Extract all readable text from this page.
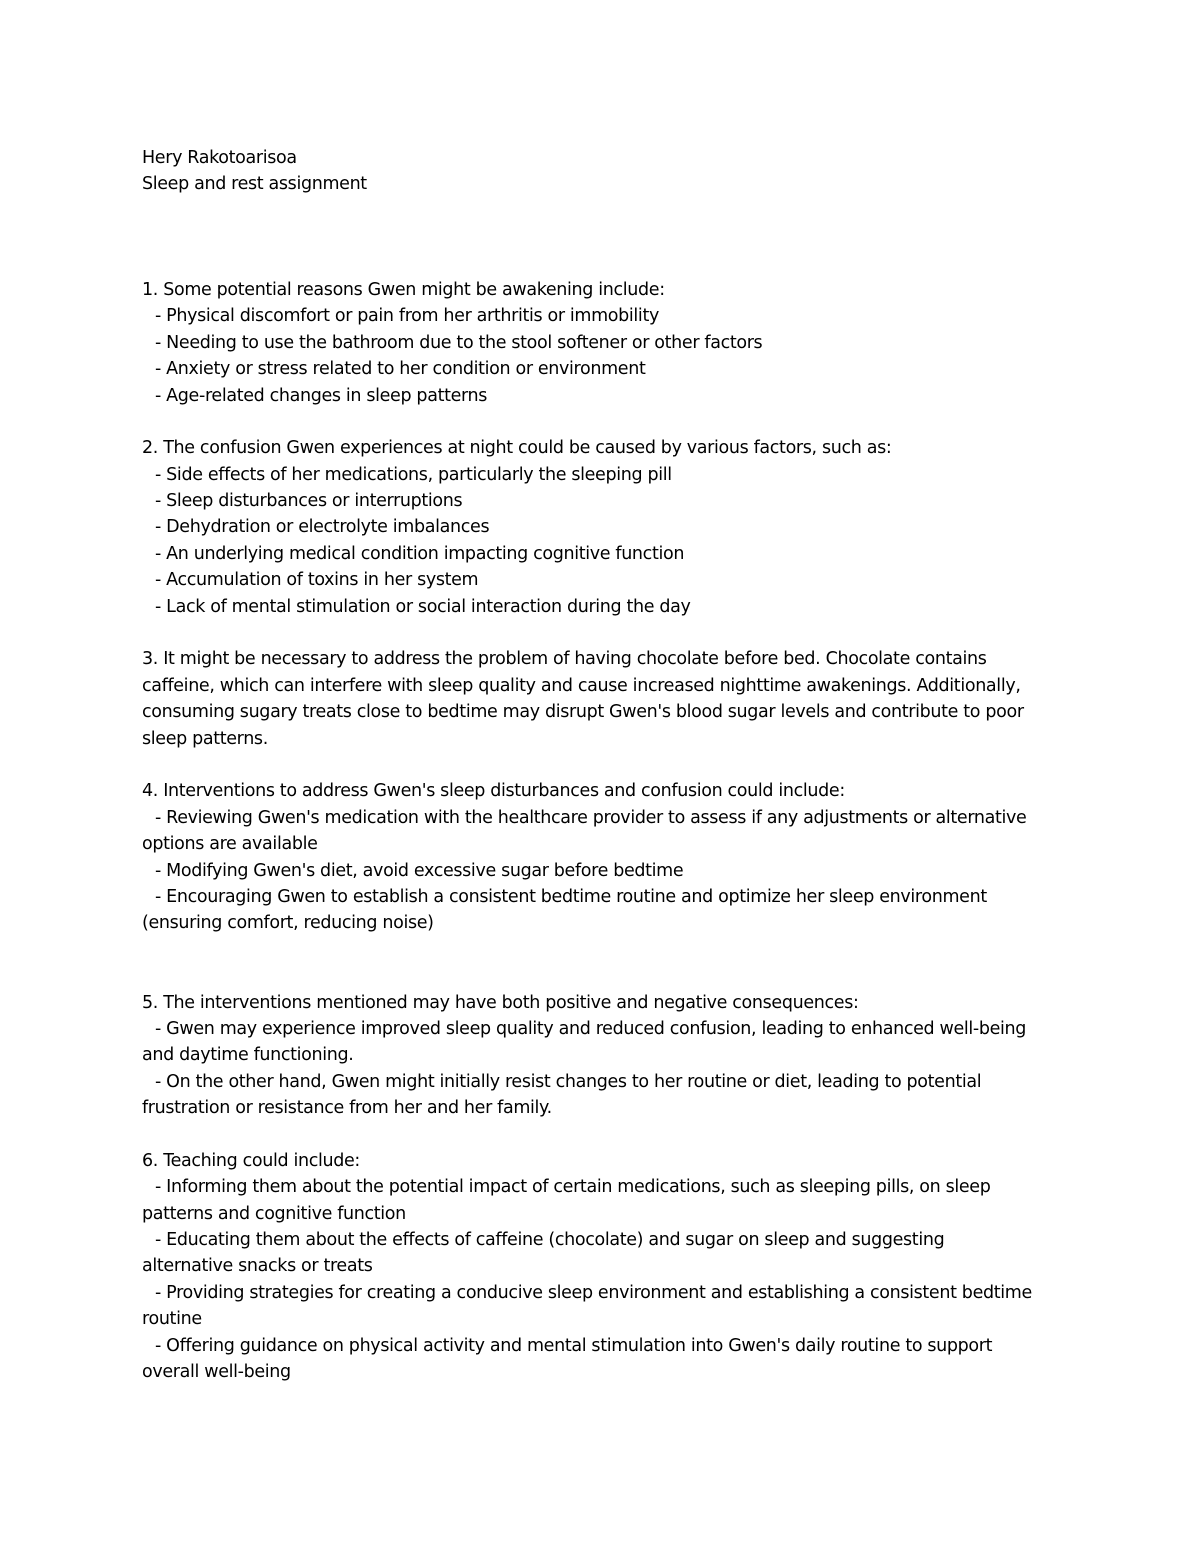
Hery Rakotoarisoa
Sleep and rest assignment
1. Some potential reasons Gwen might be awakening include:
- Physical discomfort or pain from her arthritis or immobility
- Needing to use the bathroom due to the stool softener or other factors
- Anxiety or stress related to her condition or environment
- Age-related changes in sleep patterns
2. The confusion Gwen experiences at night could be caused by various factors, such as:
- Side effects of her medications, particularly the sleeping pill
- Sleep disturbances or interruptions
- Dehydration or electrolyte imbalances
- An underlying medical condition impacting cognitive function
- Accumulation of toxins in her system
- Lack of mental stimulation or social interaction during the day
3. It might be necessary to address the problem of having chocolate before bed. Chocolate contains
caffeine, which can interfere with sleep quality and cause increased nighttime awakenings. Additionally,
consuming sugary treats close to bedtime may disrupt Gwen's blood sugar levels and contribute to poor
sleep patterns.
4. Interventions to address Gwen's sleep disturbances and confusion could include:
- Reviewing Gwen's medication with the healthcare provider to assess if any adjustments or alternative
options are available
- Modifying Gwen's diet, avoid excessive sugar before bedtime
- Encouraging Gwen to establish a consistent bedtime routine and optimize her sleep environment
(ensuring comfort, reducing noise)
5. The interventions mentioned may have both positive and negative consequences:
- Gwen may experience improved sleep quality and reduced confusion, leading to enhanced well-being
and daytime functioning.
- On the other hand, Gwen might initially resist changes to her routine or diet, leading to potential
frustration or resistance from her and her family.
6. Teaching could include:
- Informing them about the potential impact of certain medications, such as sleeping pills, on sleep
patterns and cognitive function
- Educating them about the effects of caffeine (chocolate) and sugar on sleep and suggesting
alternative snacks or treats
- Providing strategies for creating a conducive sleep environment and establishing a consistent bedtime
routine
- Offering guidance on physical activity and mental stimulation into Gwen's daily routine to support
overall well-being
